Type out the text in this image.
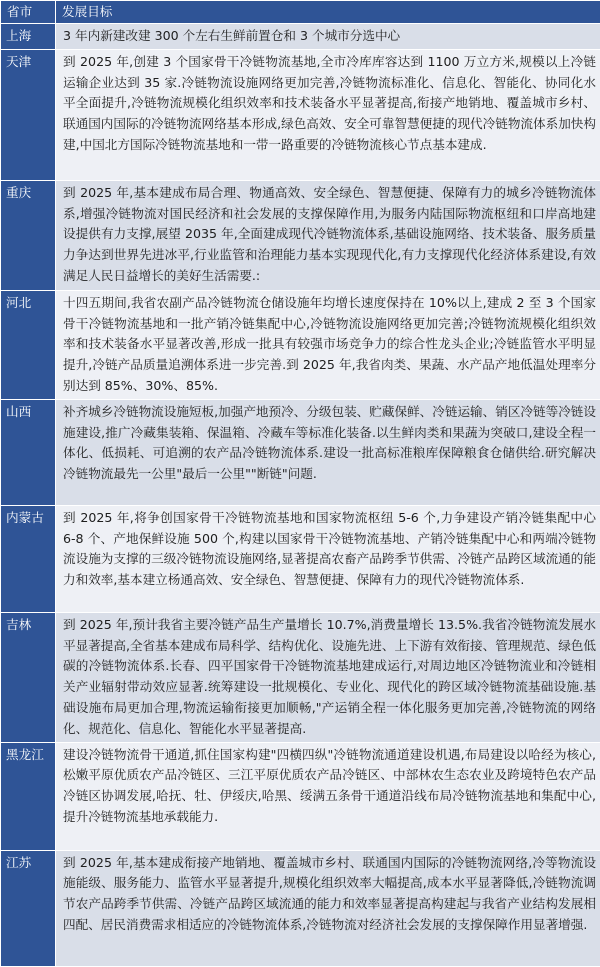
省市	发展目标
上海	3 年内新建改建 300 个左右生鲜前置仓和 3 个城市分选中心
天津	到 2025 年,创建 3 个国家骨干冷链物流基地,全市冷库库容达到 1100 万立方米,规模以上冷链运输企业达到 35 家.冷链物流设施网络更加完善,冷链物流标准化、信息化、智能化、协同化水平全面提升,冷链物流规模化组织效率和技术装备水平显著提高,衔接产地销地、覆盖城市乡村、联通国内国际的冷链物流网络基本形成,绿色高效、安全可靠智慧便捷的现代冷链物流体系加快构建,中国北方国际冷链物流基地和一带一路重要的冷链物流核心节点基本建成.
重庆	到 2025 年,基本建成布局合理、物通高效、安全绿色、智慧便捷、保障有力的城乡冷链物流体系,增强冷链物流对国民经济和社会发展的支撑保障作用,为服务内陆国际物流枢纽和口岸高地建设提供有力支撑,展望 2035 年,全面建成现代冷链物流体系,基础设施网络、技术装备、服务质量力争达到世界先进冰平,行业监管和治理能力基本实现现代化,有力支撑现代化经济体系建设,有效满足人民日益增长的美好生活需要.:
河北	十四五期间,我省农副产品冷链物流仓储设施年均增长速度保持在 10%以上,建成 2 至 3 个国家骨干冷链物流基地和一批产销冷链集配中心,冷链物流设施网络更加完善;冷链物流规模化组织效率和技术装备水平显著改善,形成一批具有较强市场竞争力的综合性龙头企业;冷链监管水平明显提升,冷链产品质量追溯体系进一步完善.到 2025 年,我省肉类、果蔬、水产品产地低温处理率分别达到 85%、30%、85%.
山西	补齐城乡冷链物流设施短板,加强产地预冷、分级包装、贮藏保鲜、冷链运输、销区冷链等冷链设施建设,推广冷藏集装箱、保温箱、冷藏车等标准化装备.以生鲜肉类和果蔬为突破口,建设全程一体化、低损耗、可追溯的农产品冷链物流体系.建设一批高标准粮库保障粮食仓储供给.研究解决冷链物流最先一公里"最后一公里""断链"问题.
内蒙古	到 2025 年,将争创国家骨干冷链物流基地和国家物流枢纽 5-6 个,力争建设产销冷链集配中心 6-8 个、产地保鲜设施 500 个,构建以国家骨干冷链物流基地、产销冷链集配中心和两端冷链物流设施为支撑的三级冷链物流设施网络,显著提高农畜产品跨季节供需、冷链产品跨区域流通的能力和效率,基本建立杨通高效、安全绿色、智慧便捷、保障有力的现代冷链物流体系.
吉林	到 2025 年,预计我省主要冷链产品生产量增长 10.7%,消费量增长 13.5%.我省冷链物流发展水平显著提高,全省基本建成布局科学、结构优化、设施先进、上下游有效衔接、管理规范、绿色低碳的冷链物流体系.长春、四平国家骨干冷链物流基地建成运行,对周边地区冷链物流业和冷链相关产业辐射带动效应显著.统筹建设一批规模化、专业化、现代化的跨区域冷链物流基础设施.基础设施布局更加合理,物流运输衔接更加顺畅,"产运销全程一体化服务更加完善,冷链物流的网络化、规范化、信息化、智能化水平显著提高.
黑龙江	建设冷链物流骨干通道,抓住国家构建"四横四纵"冷链物流通道建设机遇,布局建设以哈经为核心,松嫩平原优质农产品冷链区、三江平原优质农产品冷链区、中部林农生态农业及跨境特色农产品冷链区协调发展,哈抚、牡、伊绥庆,哈黑、绥满五条骨干通道沿线布局冷链物流基地和集配中心,提升冷链物流基地承载能力.
江苏	到 2025 年,基本建成衔接产地销地、覆盖城市乡村、联通国内国际的冷链物流网络,冷等物流设施能级、服务能力、监管水平显著提升,规模化组织效率大幅提高,成本水平显著降低,冷链物流调节农产品跨季节供需、冷链产品跨区域流通的能力和效率显著提高构建起与我省产业结构发展相四配、居民消费需求相适应的冷链物流体系,冷链物流对经济社会发展的支撑保障作用显著增强.
